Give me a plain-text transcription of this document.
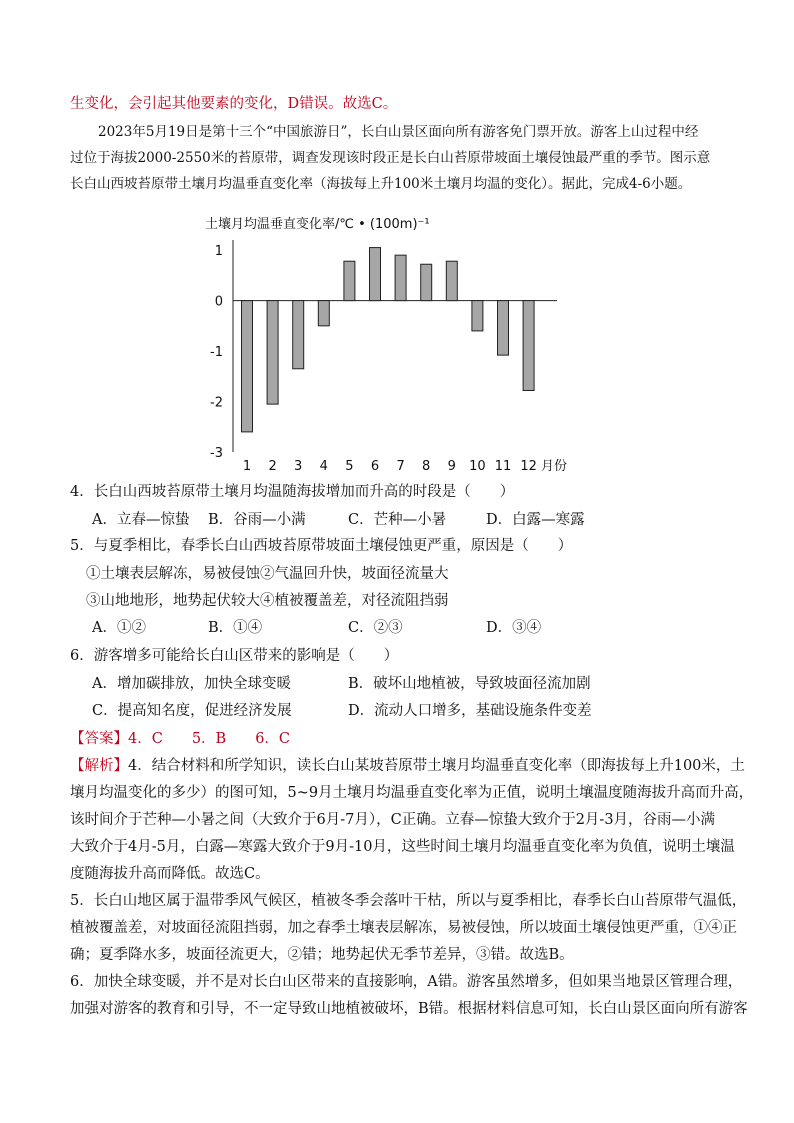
生变化，会引起其他要素的变化，D错误。故选C。
2023年5月19日是第十三个“中国旅游日”，长白山景区面向所有游客免门票开放。游客上山过程中经
过位于海拔2000-2550米的苔原带，调查发现该时段正是长白山苔原带坡面土壤侵蚀最严重的季节。图示意
长白山西坡苔原带土壤月均温垂直变化率（海拔每上升100米土壤月均温的变化）。据此，完成4-6小题。
土壤月均温垂直变化率/℃ • (100m)⁻¹
1
0
-1
-2
-3
1 2 3 4 5 6 7 8 9 10 11 12 月份
4．长白山西坡苔原带土壤月均温随海拔增加而升高的时段是（　　）
A．立春—惊蛰 B．谷雨—小满	C．芒种—小暑	D．白露—寒露
5．与夏季相比，春季长白山西坡苔原带坡面土壤侵蚀更严重，原因是（　　）
①土壤表层解冻，易被侵蚀②气温回升快，坡面径流量大
③山地地形，地势起伏较大④植被覆盖差，对径流阻挡弱
A．①②	B．①④	C．②③	D．③④
6．游客增多可能给长白山区带来的影响是（　　）
A．增加碳排放，加快全球变暖	B．破坏山地植被，导致坡面径流加剧
C．提高知名度，促进经济发展	D．流动人口增多，基础设施条件变差
【答案】4．C　　5．B　　6．C
【解析】4．结合材料和所学知识，读长白山某坡苔原带土壤月均温垂直变化率（即海拔每上升100米，土
壤月均温变化的多少）的图可知，5~9月土壤月均温垂直变化率为正值，说明土壤温度随海拔升高而升高，
该时间介于芒种—小暑之间（大致介于6月-7月），C正确。立春—惊蛰大致介于2月-3月，谷雨—小满
大致介于4月-5月，白露—寒露大致介于9月-10月，这些时间土壤月均温垂直变化率为负值，说明土壤温
度随海拔升高而降低。故选C。
5．长白山地区属于温带季风气候区，植被冬季会落叶干枯，所以与夏季相比，春季长白山苔原带气温低，
植被覆盖差，对坡面径流阻挡弱，加之春季土壤表层解冻，易被侵蚀，所以坡面土壤侵蚀更严重，①④正
确；夏季降水多，坡面径流更大，②错；地势起伏无季节差异，③错。故选B。
6．加快全球变暖，并不是对长白山区带来的直接影响，A错。游客虽然增多，但如果当地景区管理合理，
加强对游客的教育和引导，不一定导致山地植被破坏，B错。根据材料信息可知，长白山景区面向所有游客
